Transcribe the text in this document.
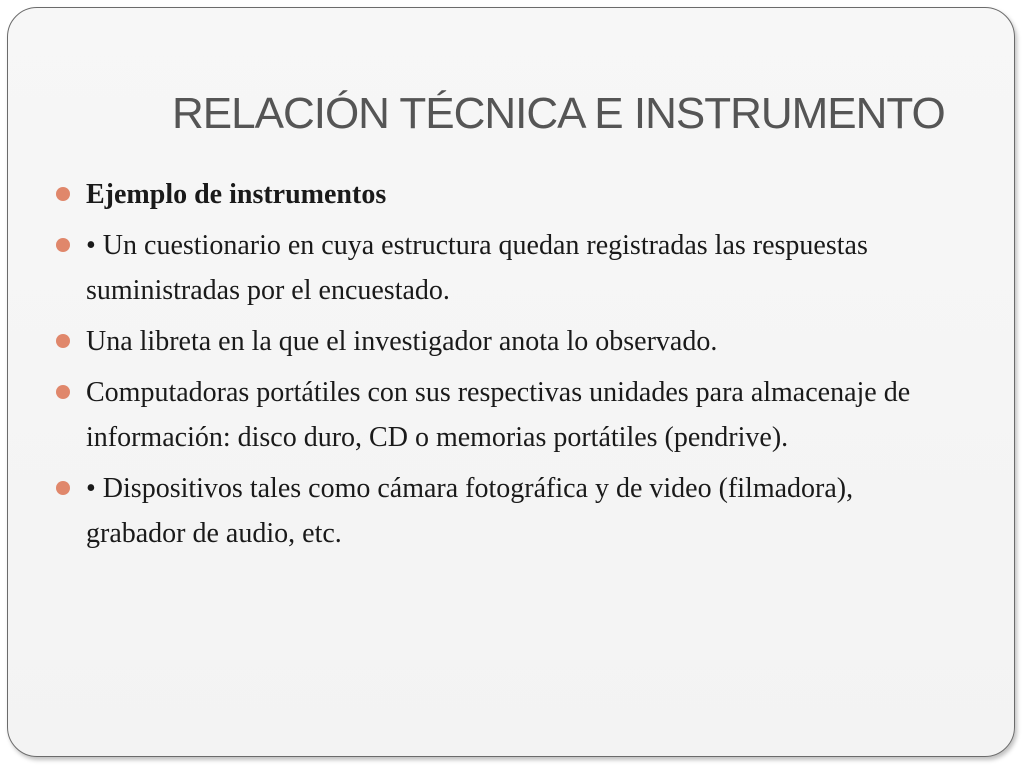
RELACIÓN TÉCNICA E INSTRUMENTO
Ejemplo de instrumentos
• Un cuestionario en cuya estructura quedan registradas las respuestas suministradas por el encuestado.
Una libreta en la que el investigador anota lo observado.
Computadoras portátiles con sus respectivas unidades para almacenaje de información: disco duro, CD o memorias portátiles (pendrive).
• Dispositivos tales como cámara fotográfica y de video (filmadora), grabador de audio, etc.
